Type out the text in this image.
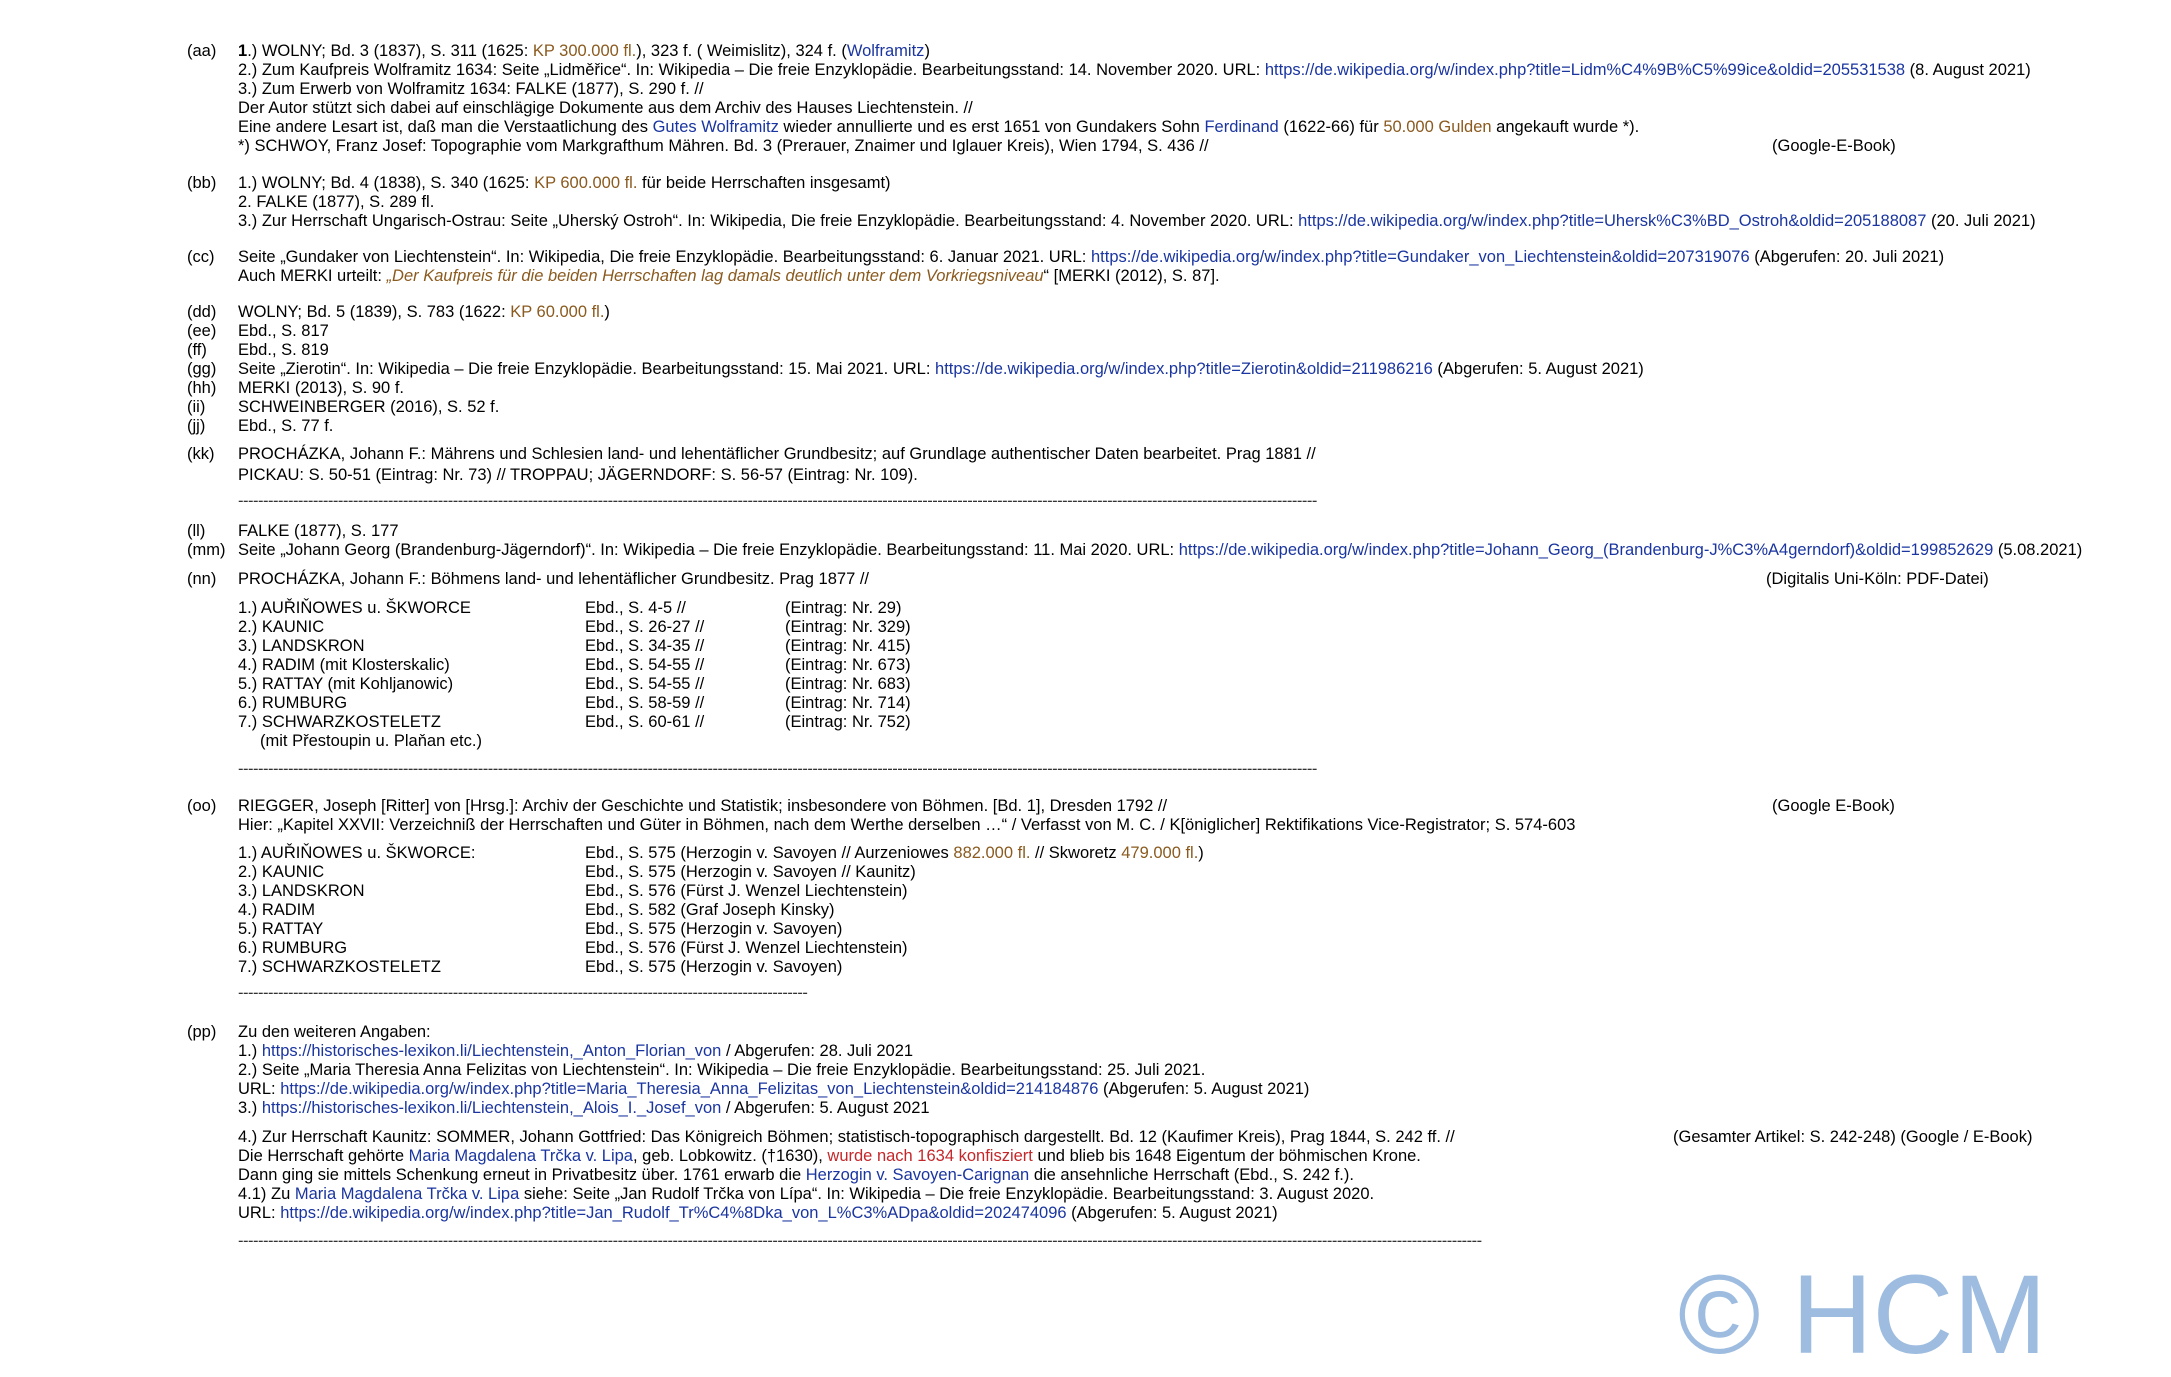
(aa) 1.) WOLNY; Bd. 3 (1837), S. 311 (1625: KP 300.000 fl.), 323 f. ( Weimislitz), 324 f. (Wolframitz)
2.) Zum Kaufpreis Wolframitz 1634: Seite „Lidměřice“. In: Wikipedia – Die freie Enzyklopädie. Bearbeitungsstand: 14. November 2020. URL: https://de.wikipedia.org/w/index.php?title=Lidm%C4%9B%C5%99ice&oldid=205531538 (8. August 2021)
3.) Zum Erwerb von Wolframitz 1634: FALKE (1877), S. 290 f. //
Der Autor stützt sich dabei auf einschlägige Dokumente aus dem Archiv des Hauses Liechtenstein. //
Eine andere Lesart ist, daß man die Verstaatlichung des Gutes Wolframitz wieder annullierte und es erst 1651 von Gundakers Sohn Ferdinand (1622-66) für 50.000 Gulden angekauft wurde *).
*) SCHWOY, Franz Josef: Topographie vom Markgrafthum Mähren. Bd. 3 (Prerauer, Znaimer und Iglauer Kreis), Wien 1794, S. 436 //	(Google-E-Book)
(bb) 1.) WOLNY; Bd. 4 (1838), S. 340 (1625: KP 600.000 fl. für beide Herrschaften insgesamt)
2. FALKE (1877), S. 289 fl.
3.) Zur Herrschaft Ungarisch-Ostrau: Seite „Uherský Ostroh“. In: Wikipedia, Die freie Enzyklopädie. Bearbeitungsstand: 4. November 2020. URL: https://de.wikipedia.org/w/index.php?title=Uhersk%C3%BD_Ostroh&oldid=205188087 (20. Juli 2021)
(cc) Seite „Gundaker von Liechtenstein“. In: Wikipedia, Die freie Enzyklopädie. Bearbeitungsstand: 6. Januar 2021. URL: https://de.wikipedia.org/w/index.php?title=Gundaker_von_Liechtenstein&oldid=207319076 (Abgerufen: 20. Juli 2021)
Auch MERKI urteilt: „Der Kaufpreis für die beiden Herrschaften lag damals deutlich unter dem Vorkriegsniveau“ [MERKI (2012), S. 87].
(dd) WOLNY; Bd. 5 (1839), S. 783 (1622: KP 60.000 fl.)
(ee) Ebd., S. 817
(ff) Ebd., S. 819
(gg) Seite „Zierotin“. In: Wikipedia – Die freie Enzyklopädie. Bearbeitungsstand: 15. Mai 2021. URL: https://de.wikipedia.org/w/index.php?title=Zierotin&oldid=211986216 (Abgerufen: 5. August 2021)
(hh) MERKI (2013), S. 90 f.
(ii) SCHWEINBERGER (2016), S. 52 f.
(jj) Ebd., S. 77 f.
(kk) PROCHÁZKA, Johann F.: Mährens und Schlesien land- und lehentäflicher Grundbesitz; auf Grundlage authentischer Daten bearbeitet. Prag 1881 //
PICKAU: S. 50-51 (Eintrag: Nr. 73) // TROPPAU; JÄGERNDORF: S. 56-57 (Eintrag: Nr. 109).
------------------------------------------------------------------------------------------------------------------------------------------------------------------------------------------------------------------------
(ll) FALKE (1877), S. 177
(mm) Seite „Johann Georg (Brandenburg-Jägerndorf)“. In: Wikipedia – Die freie Enzyklopädie. Bearbeitungsstand: 11. Mai 2020. URL: https://de.wikipedia.org/w/index.php?title=Johann_Georg_(Brandenburg-J%C3%A4gerndorf)&oldid=199852629 (5.08.2021)
(nn) PROCHÁZKA, Johann F.: Böhmens land- und lehentäflicher Grundbesitz. Prag 1877 //	(Digitalis Uni-Köln: PDF-Datei)
1.) AUŘIŇOWES u. ŠKWORCE	Ebd., S. 4-5 //	(Eintrag: Nr. 29)
2.) KAUNIC	Ebd., S. 26-27 //	(Eintrag: Nr. 329)
3.) LANDSKRON	Ebd., S. 34-35 //	(Eintrag: Nr. 415)
4.) RADIM (mit Klosterskalic)	Ebd., S. 54-55 //	(Eintrag: Nr. 673)
5.) RATTAY (mit Kohljanowic)	Ebd., S. 54-55 //	(Eintrag: Nr. 683)
6.) RUMBURG	Ebd., S. 58-59 //	(Eintrag: Nr. 714)
7.) SCHWARZKOSTELETZ	Ebd., S. 60-61 //	(Eintrag: Nr. 752)
(mit Přestoupin u. Plaňan etc.)
------------------------------------------------------------------------------------------------------------------------------------------------------------------------------------------------------------------------
(oo) RIEGGER, Joseph [Ritter] von [Hrsg.]: Archiv der Geschichte und Statistik; insbesondere von Böhmen. [Bd. 1], Dresden 1792 //	(Google E-Book)
Hier: „Kapitel XXVII: Verzeichniß der Herrschaften und Güter in Böhmen, nach dem Werthe derselben …“ / Verfasst von M. C. / K[öniglicher] Rektifikations Vice-Registrator; S. 574-603
1.) AUŘIŇOWES u. ŠKWORCE:	Ebd., S. 575 (Herzogin v. Savoyen // Aurzeniowes 882.000 fl. // Skworetz 479.000 fl.)
2.) KAUNIC	Ebd., S. 575 (Herzogin v. Savoyen // Kaunitz)
3.) LANDSKRON	Ebd., S. 576 (Fürst J. Wenzel Liechtenstein)
4.) RADIM	Ebd., S. 582 (Graf Joseph Kinsky)
5.) RATTAY	Ebd., S. 575 (Herzogin v. Savoyen)
6.) RUMBURG	Ebd., S. 576 (Fürst J. Wenzel Liechtenstein)
7.) SCHWARZKOSTELETZ	Ebd., S. 575 (Herzogin v. Savoyen)
------------------------------------------------------------------------------------------------------------------
(pp) Zu den weiteren Angaben:
1.) https://historisches-lexikon.li/Liechtenstein,_Anton_Florian_von / Abgerufen: 28. Juli 2021
2.) Seite „Maria Theresia Anna Felizitas von Liechtenstein“. In: Wikipedia – Die freie Enzyklopädie. Bearbeitungsstand: 25. Juli 2021.
URL: https://de.wikipedia.org/w/index.php?title=Maria_Theresia_Anna_Felizitas_von_Liechtenstein&oldid=214184876 (Abgerufen: 5. August 2021)
3.) https://historisches-lexikon.li/Liechtenstein,_Alois_I._Josef_von / Abgerufen: 5. August 2021
4.) Zur Herrschaft Kaunitz: SOMMER, Johann Gottfried: Das Königreich Böhmen; statistisch-topographisch dargestellt. Bd. 12 (Kaufimer Kreis), Prag 1844, S. 242 ff. //	(Gesamter Artikel: S. 242-248) (Google / E-Book)
Die Herrschaft gehörte Maria Magdalena Trčka v. Lipa, geb. Lobkowitz. (†1630), wurde nach 1634 konfisziert und blieb bis 1648 Eigentum der böhmischen Krone.
Dann ging sie mittels Schenkung erneut in Privatbesitz über. 1761 erwarb die Herzogin v. Savoyen-Carignan die ansehnliche Herrschaft (Ebd., S. 242 f.).
4.1) Zu Maria Magdalena Trčka v. Lipa siehe: Seite „Jan Rudolf Trčka von Lípa“. In: Wikipedia – Die freie Enzyklopädie. Bearbeitungsstand: 3. August 2020.
URL: https://de.wikipedia.org/w/index.php?title=Jan_Rudolf_Tr%C4%8Dka_von_L%C3%ADpa&oldid=202474096 (Abgerufen: 5. August 2021)
---------------------------------------------------------------------------------------------------------------------------------------------------------------------------------------------------------------------------------------------------------
© HCM
